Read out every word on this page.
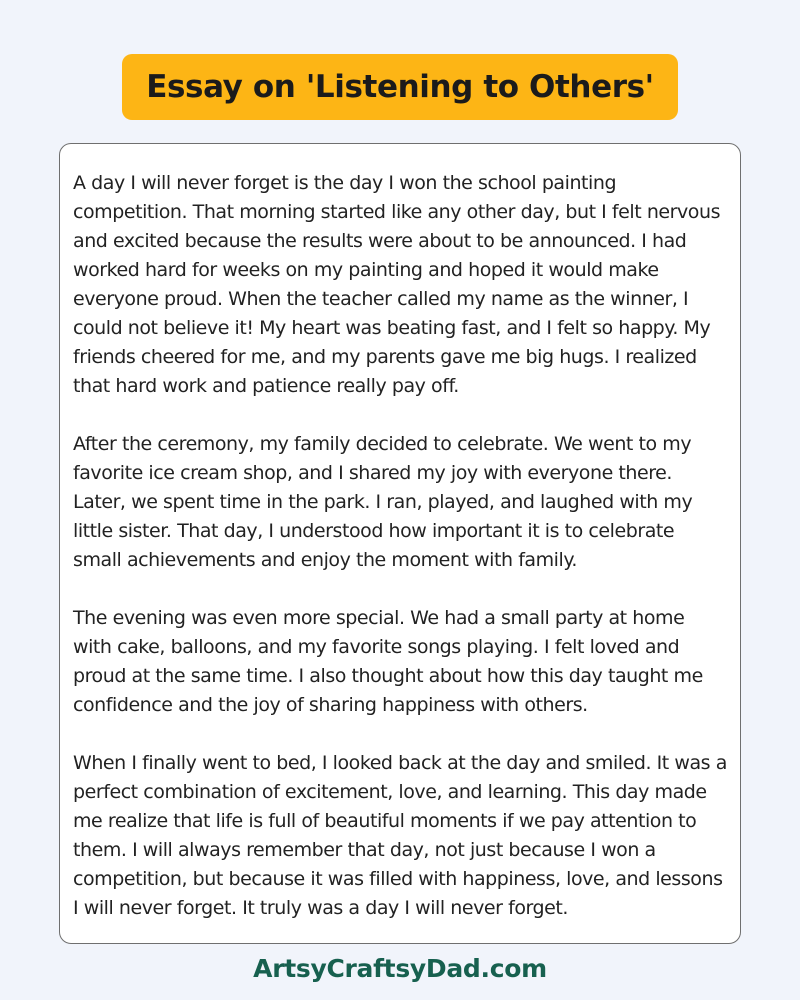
Essay on 'Listening to Others'

A day I will never forget is the day I won the school painting competition. That morning started like any other day, but I felt nervous and excited because the results were about to be announced. I had worked hard for weeks on my painting and hoped it would make everyone proud. When the teacher called my name as the winner, I could not believe it! My heart was beating fast, and I felt so happy. My friends cheered for me, and my parents gave me big hugs. I realized that hard work and patience really pay off.

After the ceremony, my family decided to celebrate. We went to my favorite ice cream shop, and I shared my joy with everyone there. Later, we spent time in the park. I ran, played, and laughed with my little sister. That day, I understood how important it is to celebrate small achievements and enjoy the moment with family.

The evening was even more special. We had a small party at home with cake, balloons, and my favorite songs playing. I felt loved and proud at the same time. I also thought about how this day taught me confidence and the joy of sharing happiness with others.

When I finally went to bed, I looked back at the day and smiled. It was a perfect combination of excitement, love, and learning. This day made me realize that life is full of beautiful moments if we pay attention to them. I will always remember that day, not just because I won a competition, but because it was filled with happiness, love, and lessons I will never forget. It truly was a day I will never forget.

ArtsyCraftsyDad.com
